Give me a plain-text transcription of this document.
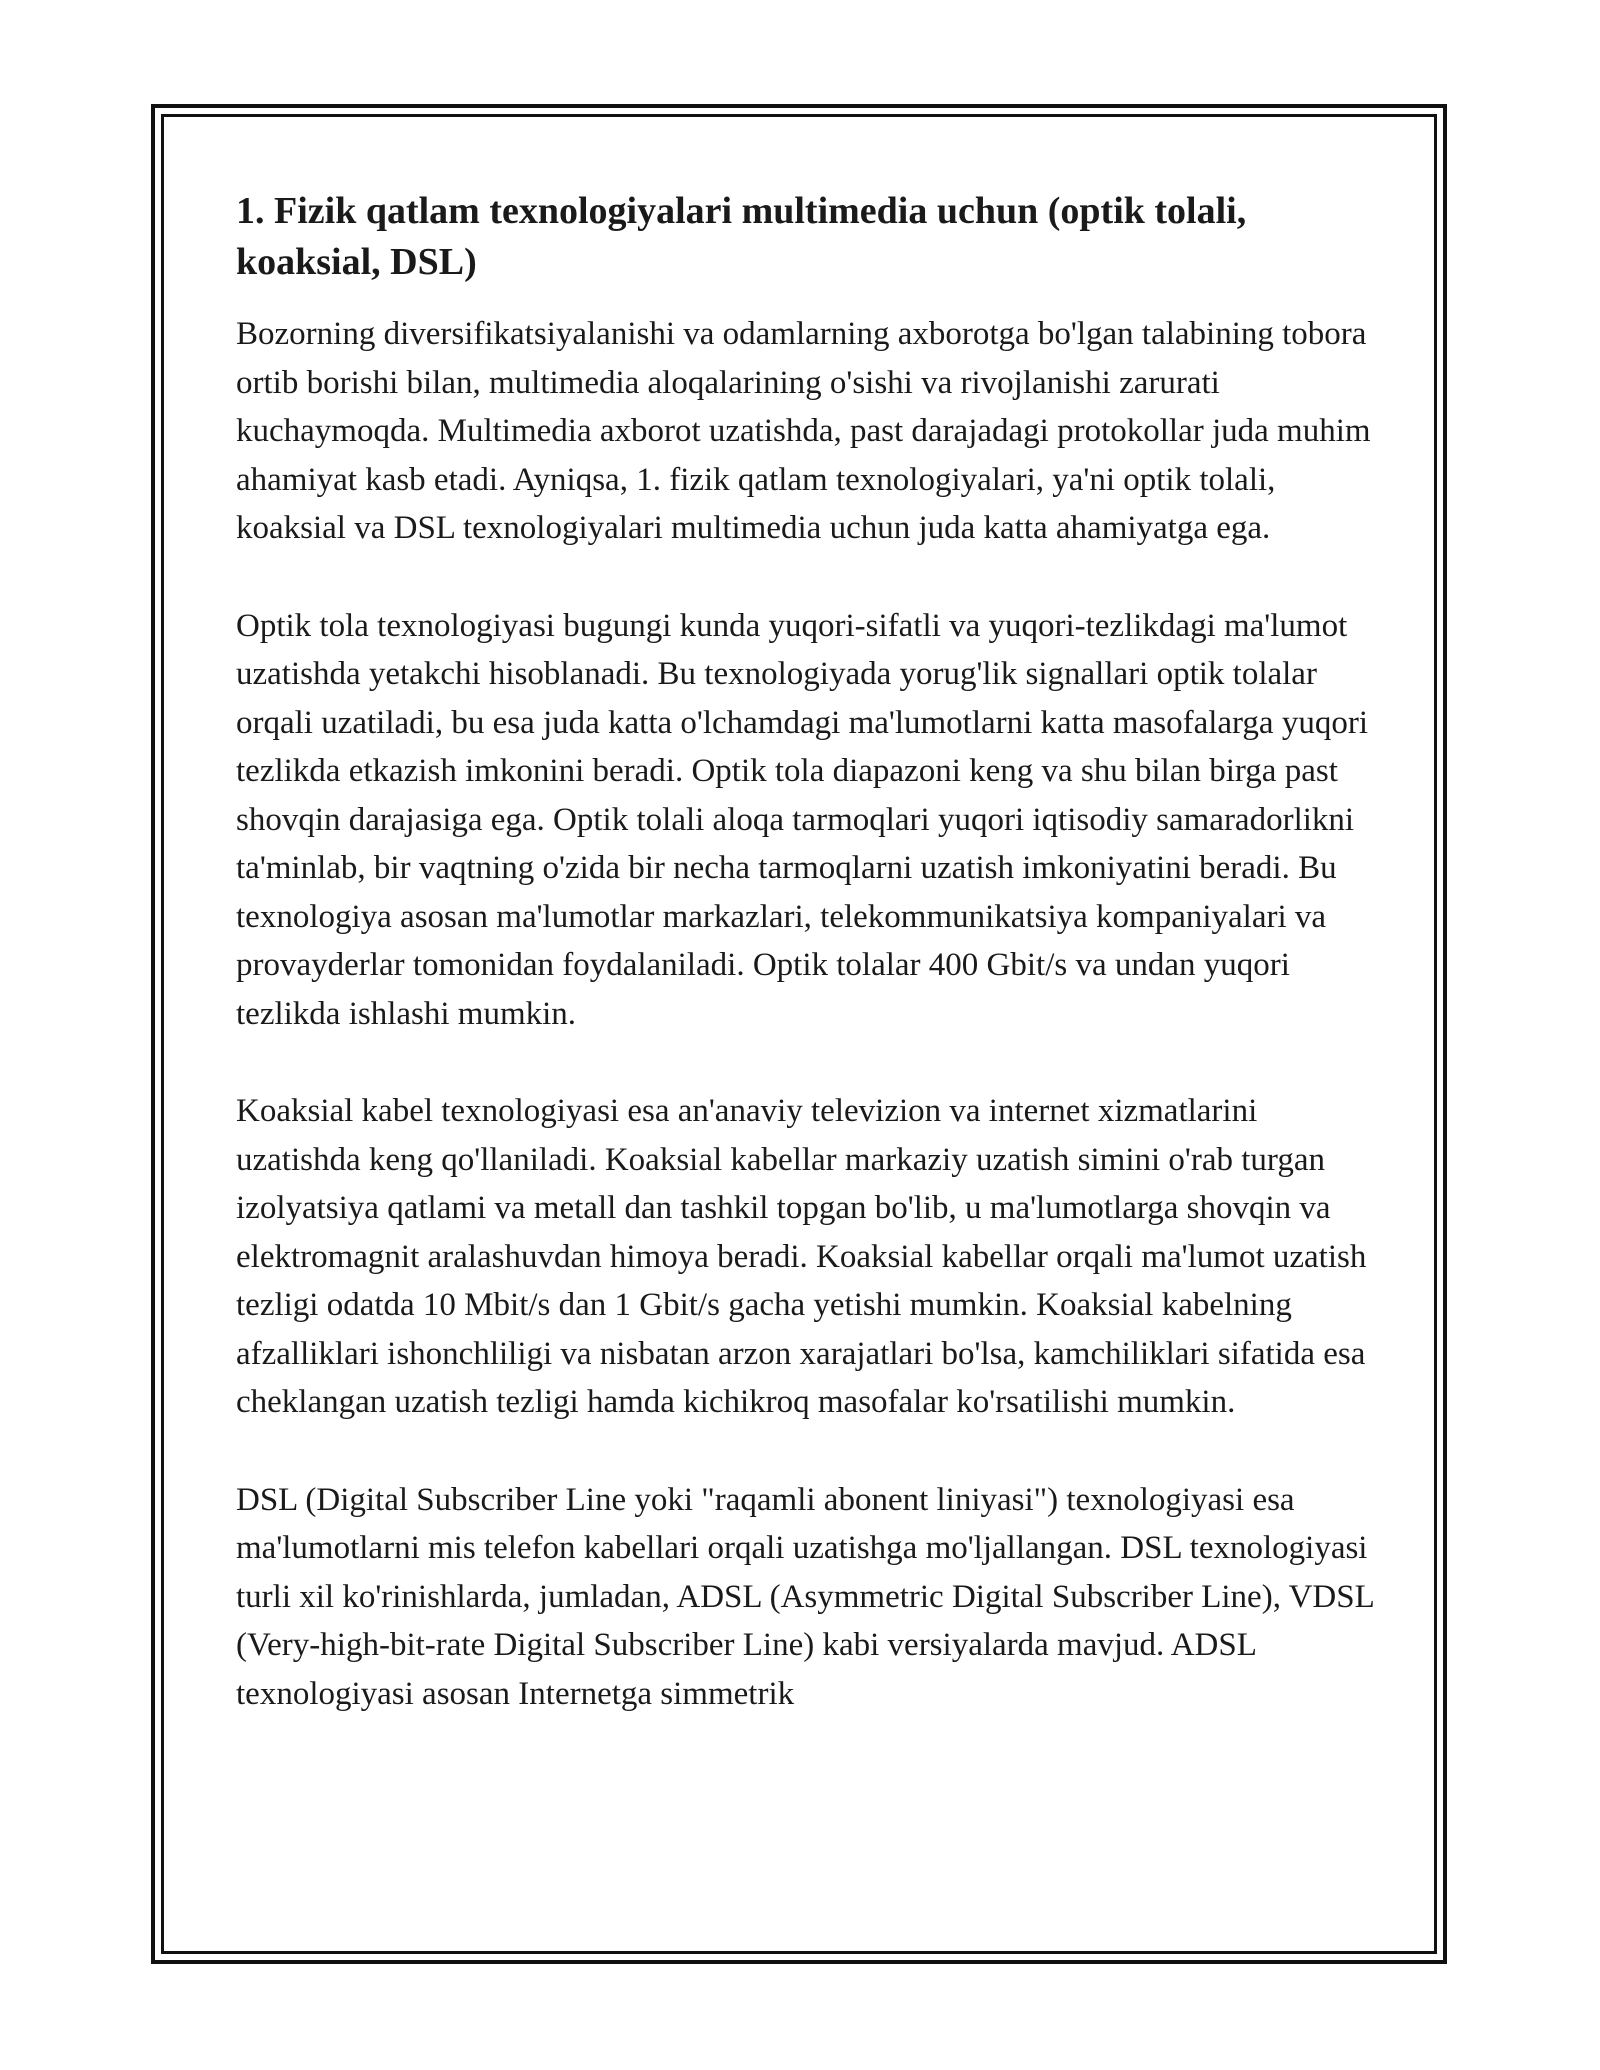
1. Fizik qatlam texnologiyalari multimedia uchun (optik tolali, koaksial, DSL)

Bozorning diversifikatsiyalanishi va odamlarning axborotga bo'lgan talabining tobora ortib borishi bilan, multimedia aloqalarining o'sishi va rivojlanishi zarurati kuchaymoqda. Multimedia axborot uzatishda, past darajadagi protokollar juda muhim ahamiyat kasb etadi. Ayniqsa, 1. fizik qatlam texnologiyalari, ya'ni optik tolali, koaksial va DSL texnologiyalari multimedia uchun juda katta ahamiyatga ega.

Optik tola texnologiyasi bugungi kunda yuqori-sifatli va yuqori-tezlikdagi ma'lumot uzatishda yetakchi hisoblanadi. Bu texnologiyada yorug'lik signallari optik tolalar orqali uzatiladi, bu esa juda katta o'lchamdagi ma'lumotlarni katta masofalarga yuqori tezlikda etkazish imkonini beradi. Optik tola diapazoni keng va shu bilan birga past shovqin darajasiga ega. Optik tolali aloqa tarmoqlari yuqori iqtisodiy samaradorlikni ta'minlab, bir vaqtning o'zida bir necha tarmoqlarni uzatish imkoniyatini beradi. Bu texnologiya asosan ma'lumotlar markazlari, telekommunikatsiya kompaniyalari va provayderlar tomonidan foydalaniladi. Optik tolalar 400 Gbit/s va undan yuqori tezlikda ishlashi mumkin.

Koaksial kabel texnologiyasi esa an'anaviy televizion va internet xizmatlarini uzatishda keng qo'llaniladi. Koaksial kabellar markaziy uzatish simini o'rab turgan izolyatsiya qatlami va metall dan tashkil topgan bo'lib, u ma'lumotlarga shovqin va elektromagnit aralashuvdan himoya beradi. Koaksial kabellar orqali ma'lumot uzatish tezligi odatda 10 Mbit/s dan 1 Gbit/s gacha yetishi mumkin. Koaksial kabelning afzalliklari ishonchliligi va nisbatan arzon xarajatlari bo'lsa, kamchiliklari sifatida esa cheklangan uzatish tezligi hamda kichikroq masofalar ko'rsatilishi mumkin.

DSL (Digital Subscriber Line yoki "raqamli abonent liniyasi") texnologiyasi esa ma'lumotlarni mis telefon kabellari orqali uzatishga mo'ljallangan. DSL texnologiyasi turli xil ko'rinishlarda, jumladan, ADSL (Asymmetric Digital Subscriber Line), VDSL (Very-high-bit-rate Digital Subscriber Line) kabi versiyalarda mavjud. ADSL texnologiyasi asosan Internetga simmetrik
